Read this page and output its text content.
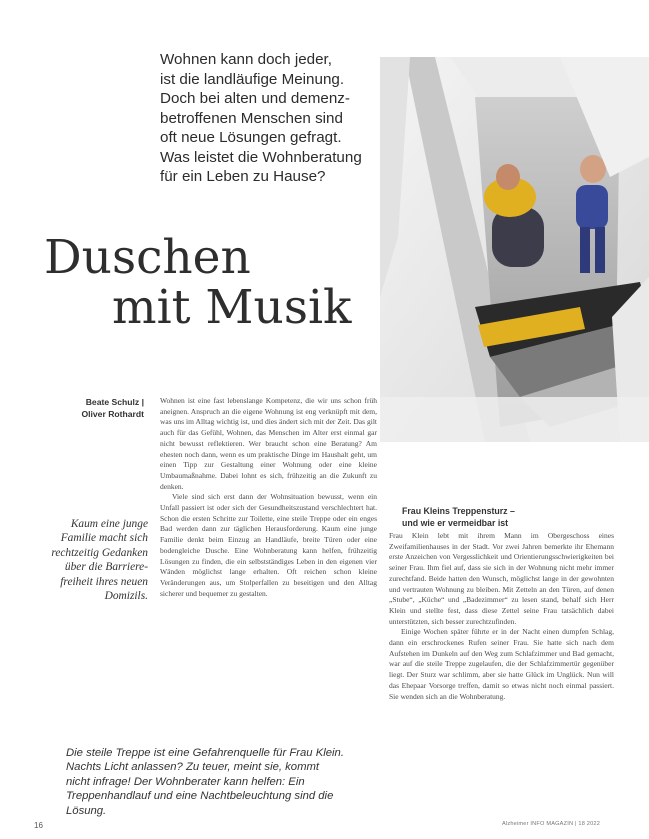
Wohnen kann doch jeder,
ist die landläufige Meinung.
Doch bei alten und demenz-
betroffenen Menschen sind
oft neue Lösungen gefragt.
Was leistet die Wohnberatung
für ein Leben zu Hause?
Duschen
mit Musik
Beate Schulz |
Oliver Rothardt
Kaum eine junge Familie macht sich rechtzeitig Gedanken über die Barriere-freiheit ihres neuen Domizils.

Wohnen ist eine fast lebenslange Kompetenz, die wir uns schon früh aneignen. Anspruch an die eigene Wohnung ist eng verknüpft mit dem, was uns im Alltag wichtig ist, und dies ändert sich mit der Zeit. Das gilt auch für das Gefühl, Wohnen, das Menschen im Alter erst einmal gar nicht bewusst reflektieren. Wer braucht schon eine Beratung? Am ehesten noch dann, wenn es um praktische Dinge im Haushalt geht, um einen Tipp zur Gestaltung einer Wohnung oder eine kleine Umbaumaßnahme. Dabei lohnt es sich, frühzeitig an die Zukunft zu denken.

Viele sind sich erst dann der Wohnsituation bewusst, wenn ein Unfall passiert ist oder sich der Gesundheitszustand verschlechtert hat. Schon die ersten Schritte zur Toilette, eine steile Treppe oder ein enges Bad werden dann zur täglichen Herausforderung. Kaum eine junge Familie denkt beim Einzug an Handläufe, breite Türen oder eine bodengleiche Dusche. Eine Wohnberatung kann helfen, frühzeitig Lösungen zu finden, die ein selbstständiges Leben in den eigenen vier Wänden möglichst lange erhalten. Oft reichen schon kleine Veränderungen aus, um Stolperfallen zu beseitigen und den Alltag sicherer und bequemer zu gestalten.

Frau Kleins Treppensturz –
und wie er vermeidbar ist

Frau Klein lebt mit ihrem Mann im Obergeschoss eines Zweifamilienhauses in der Stadt. Vor zwei Jahren bemerkte ihr Ehemann erste Anzeichen von Vergesslichkeit und Orientierungsschwierigkeiten bei seiner Frau. Ihm fiel auf, dass sie sich in der Wohnung nicht mehr immer zurechtfand. Beide hatten den Wunsch, möglichst lange in der gewohnten und vertrauten Wohnung zu bleiben. Mit Zetteln an den Türen, auf denen „Stube“, „Küche“ und „Badezimmer“ zu lesen stand, behalf sich Herr Klein und stellte fest, dass diese Zettel seine Frau tatsächlich dabei unterstützten, sich besser zurechtzufinden.

Einige Wochen später führte er in der Nacht einen dumpfen Schlag, dann ein erschrockenes Rufen seiner Frau. Sie hatte sich nach dem Aufstehen im Dunkeln auf den Weg zum Schlafzimmer und Bad gemacht, war auf die steile Treppe zugelaufen, die der Schlafzimmertür gegenüber liegt. Der Sturz war schlimm, aber sie hatte Glück im Unglück. Nun will das Ehepaar Vorsorge treffen, damit so etwas nicht noch einmal passiert. Sie wenden sich an die Wohnberatung.

Die steile Treppe ist eine Gefahrenquelle für Frau Klein. Nachts Licht anlassen? Zu teuer, meint sie, kommt nicht infrage! Der Wohnberater kann helfen: Ein Treppenhandlauf und eine Nachtbeleuchtung sind die Lösung.
16	Alzheimer INFO MAGAZIN | 18 2022
